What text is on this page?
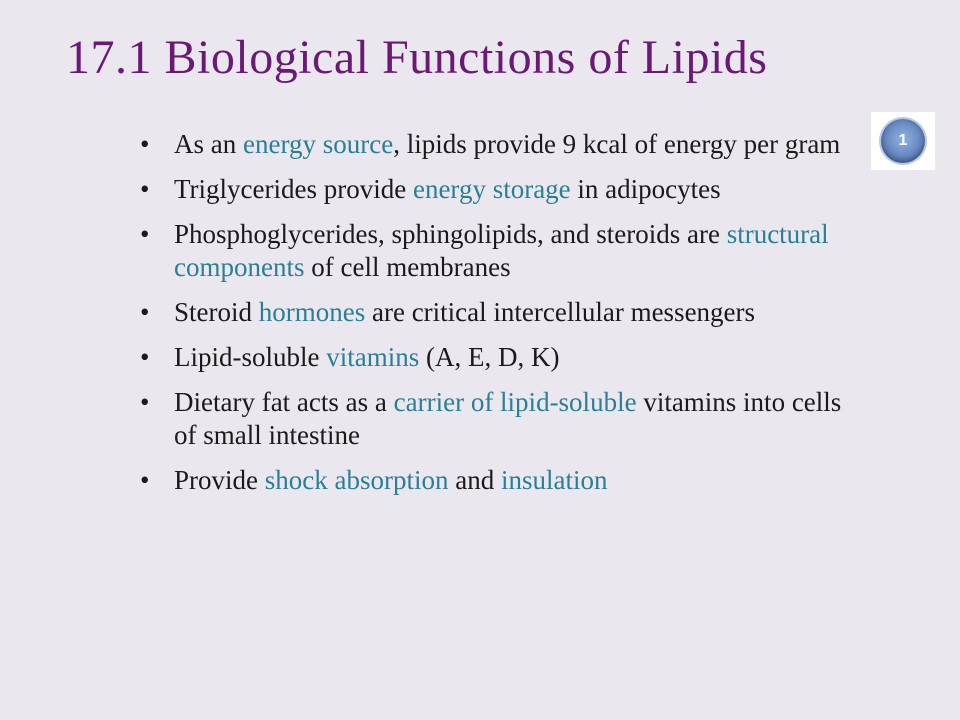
17.1 Biological Functions of Lipids
1
• As an energy source, lipids provide 9 kcal of energy per gram
• Triglycerides provide energy storage in adipocytes
• Phosphoglycerides, sphingolipids, and steroids are structural components of cell membranes
• Steroid hormones are critical intercellular messengers
• Lipid-soluble vitamins (A, E, D, K)
• Dietary fat acts as a carrier of lipid-soluble vitamins into cells of small intestine
• Provide shock absorption and insulation
